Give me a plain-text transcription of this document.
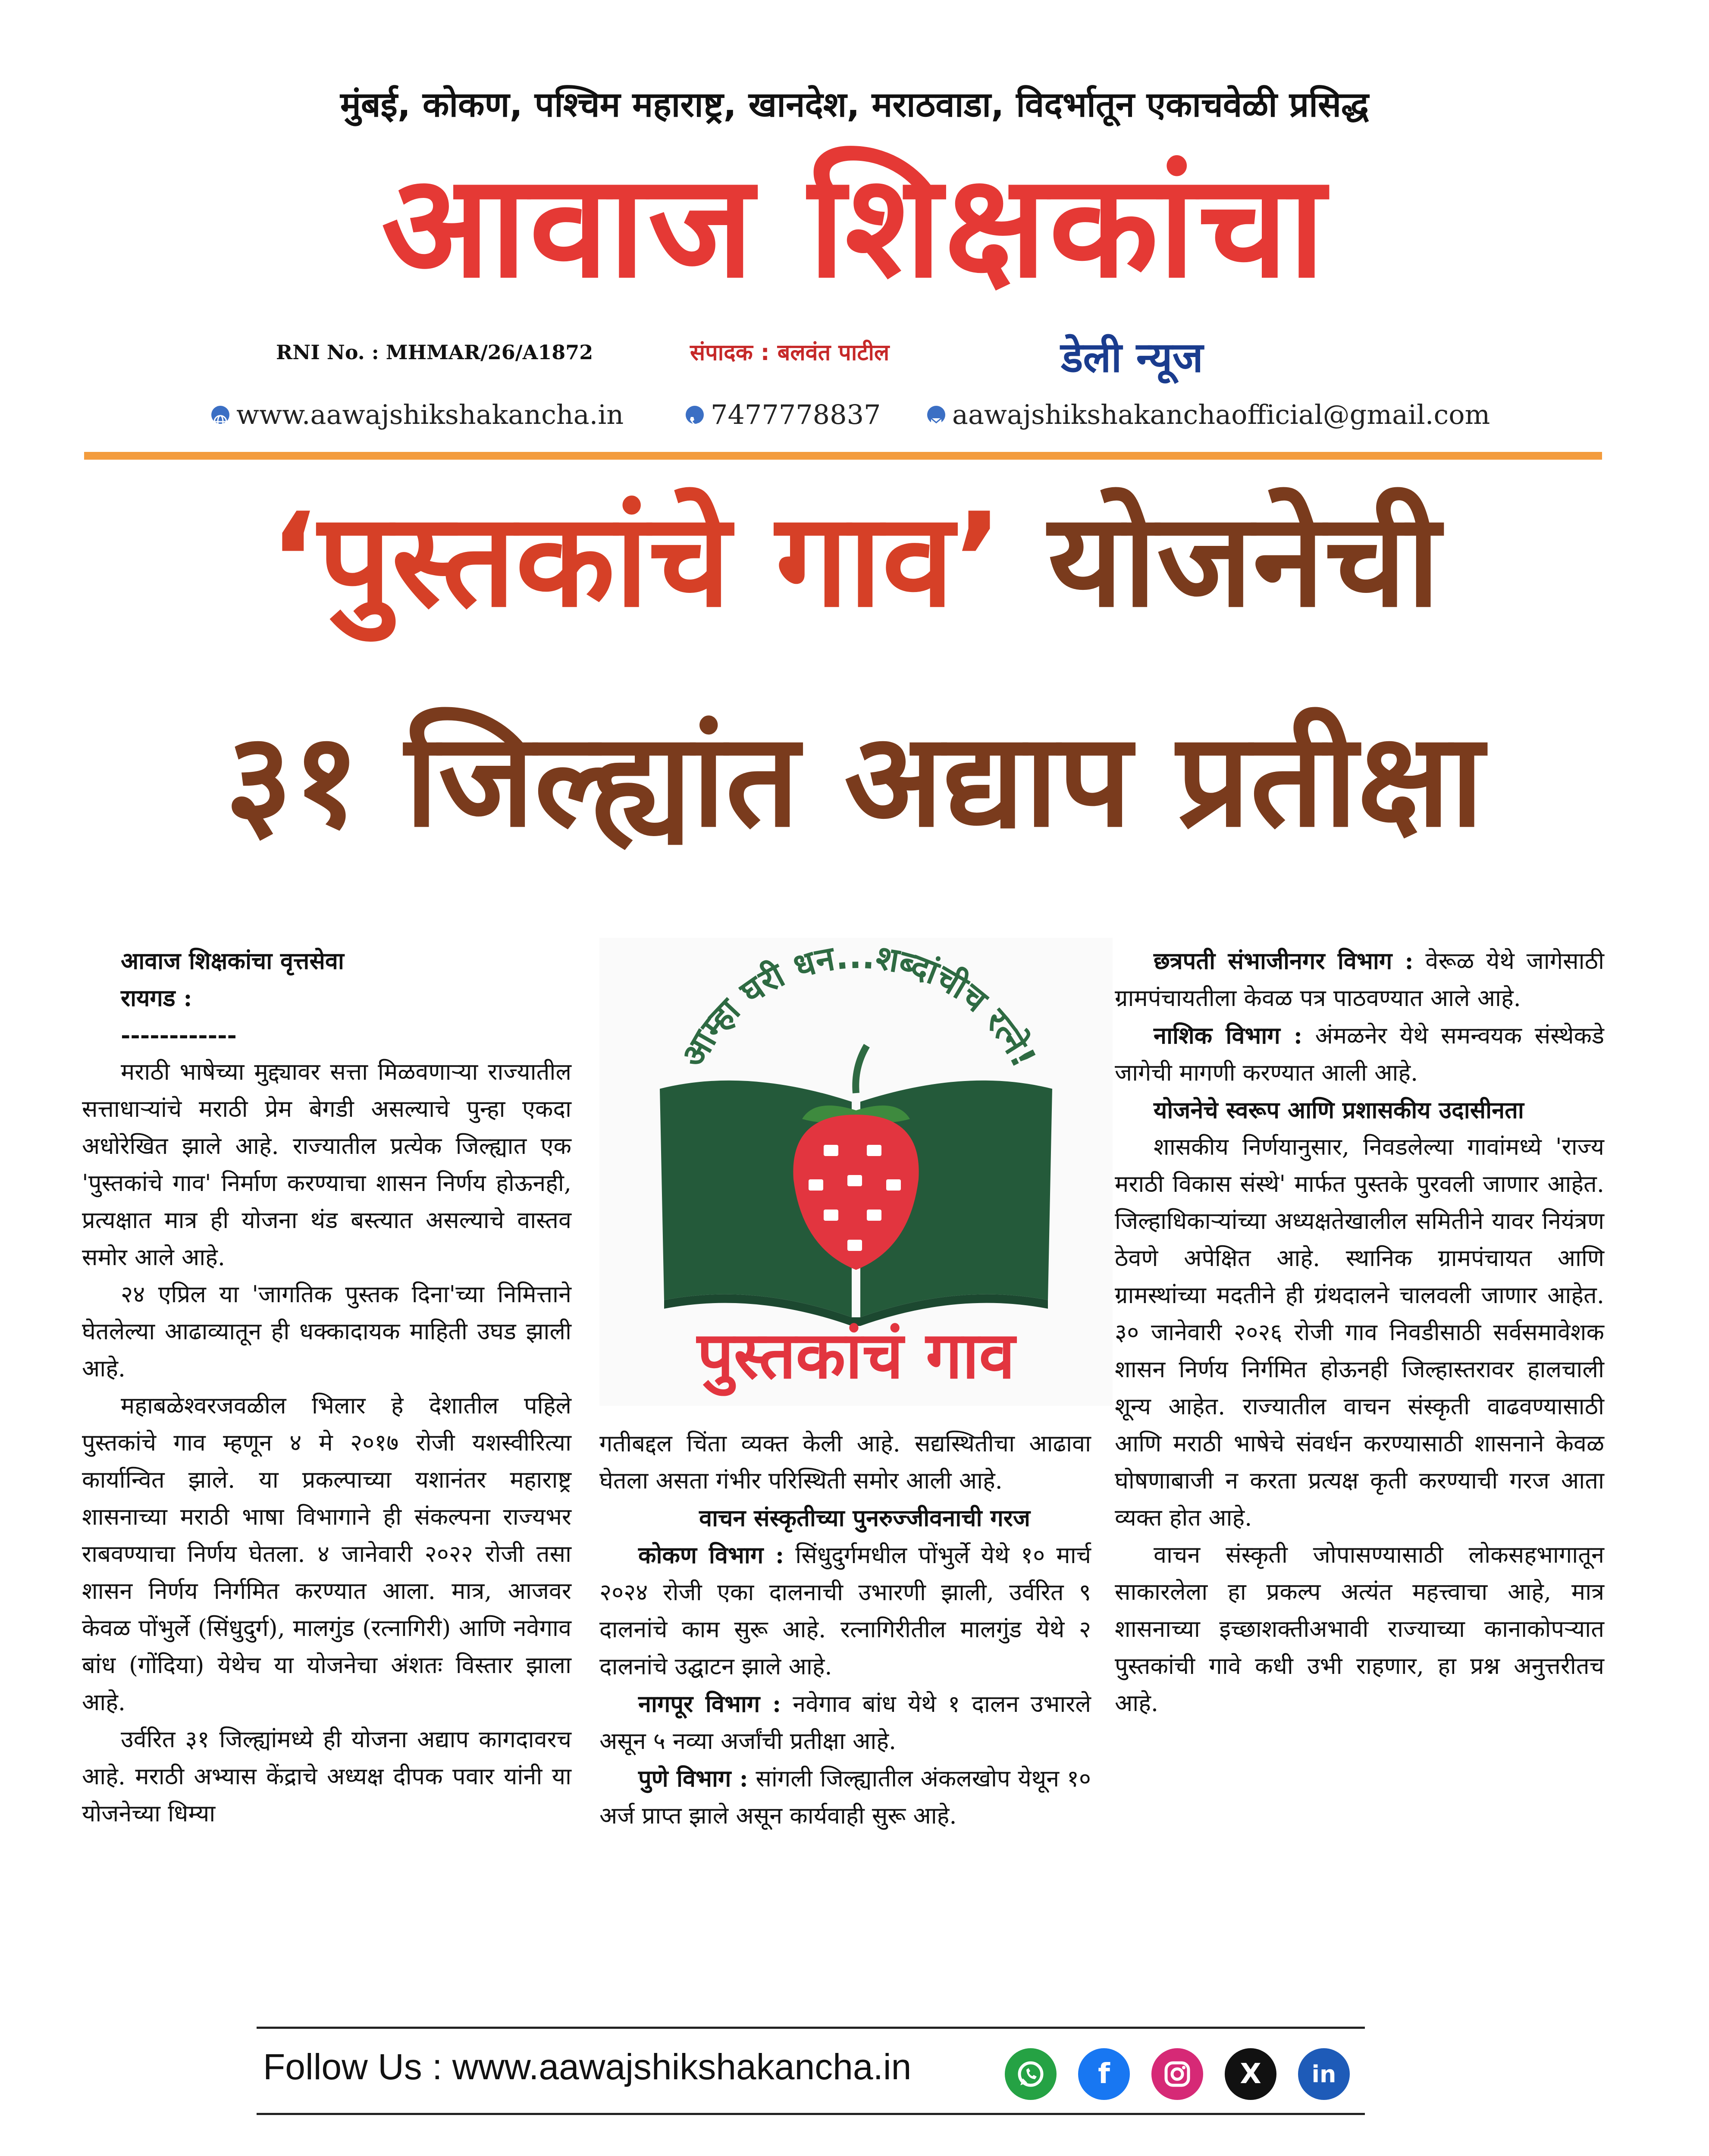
मुंबई, कोकण, पश्चिम महाराष्ट्र, खानदेश, मराठवाडा, विदर्भातून एकाचवेळी प्रसिद्ध
आवाज शिक्षकांचा
RNI No. : MHMAR/26/A1872	संपादक : बलवंत पाटील	डेली न्यूज
www.aawajshikshakancha.in	7477778837	aawajshikshakanchaofficial@gmail.com
‘पुस्तकांचे गाव’ योजनेची
३१ जिल्ह्यांत अद्याप प्रतीक्षा

आवाज शिक्षकांचा वृत्तसेवा

रायगड :

------------

मराठी भाषेच्या मुद्द्यावर सत्ता मिळवणाऱ्या राज्यातील सत्ताधाऱ्यांचे मराठी प्रेम बेगडी असल्याचे पुन्हा एकदा अधोरेखित झाले आहे. राज्यातील प्रत्येक जिल्ह्यात एक 'पुस्तकांचे गाव' निर्माण करण्याचा शासन निर्णय होऊनही, प्रत्यक्षात मात्र ही योजना थंड बस्त्यात असल्याचे वास्तव समोर आले आहे.

२४ एप्रिल या 'जागतिक पुस्तक दिना'च्या निमित्ताने घेतलेल्या आढाव्यातून ही धक्कादायक माहिती उघड झाली आहे.

महाबळेश्वरजवळील भिलार हे देशातील पहिले पुस्तकांचे गाव म्हणून ४ मे २०१७ रोजी यशस्वीरित्या कार्यान्वित झाले. या प्रकल्पाच्या यशानंतर महाराष्ट्र शासनाच्या मराठी भाषा विभागाने ही संकल्पना राज्यभर राबवण्याचा निर्णय घेतला. ४ जानेवारी २०२२ रोजी तसा शासन निर्णय निर्गमित करण्यात आला. मात्र, आजवर केवळ पोंभुर्ले (सिंधुदुर्ग), मालगुंड (रत्नागिरी) आणि नवेगाव बांध (गोंदिया) येथेच या योजनेचा अंशतः विस्तार झाला आहे.

उर्वरित ३१ जिल्ह्यांमध्ये ही योजना अद्याप कागदावरच आहे. मराठी अभ्यास केंद्राचे अध्यक्ष दीपक पवार यांनी या योजनेच्या धिम्या

आम्हा घरी धन...शब्दांचीच रत्ने!
पुस्तकांचं गाव

गतीबद्दल चिंता व्यक्त केली आहे. सद्यस्थितीचा आढावा घेतला असता गंभीर परिस्थिती समोर आली आहे.

वाचन संस्कृतीच्या पुनरुज्जीवनाची गरज

कोकण विभाग : सिंधुदुर्गमधील पोंभुर्ले येथे १० मार्च २०२४ रोजी एका दालनाची उभारणी झाली, उर्वरित ९ दालनांचे काम सुरू आहे. रत्नागिरीतील मालगुंड येथे २ दालनांचे उद्घाटन झाले आहे.

नागपूर विभाग : नवेगाव बांध येथे १ दालन उभारले असून ५ नव्या अर्जांची प्रतीक्षा आहे.

पुणे विभाग : सांगली जिल्ह्यातील अंकलखोप येथून १० अर्ज प्राप्त झाले असून कार्यवाही सुरू आहे.

छत्रपती संभाजीनगर विभाग : वेरूळ येथे जागेसाठी ग्रामपंचायतीला केवळ पत्र पाठवण्यात आले आहे.

नाशिक विभाग : अंमळनेर येथे समन्वयक संस्थेकडे जागेची मागणी करण्यात आली आहे.

योजनेचे स्वरूप आणि प्रशासकीय उदासीनता

शासकीय निर्णयानुसार, निवडलेल्या गावांमध्ये 'राज्य मराठी विकास संस्थे' मार्फत पुस्तके पुरवली जाणार आहेत. जिल्हाधिकाऱ्यांच्या अध्यक्षतेखालील समितीने यावर नियंत्रण ठेवणे अपेक्षित आहे. स्थानिक ग्रामपंचायत आणि ग्रामस्थांच्या मदतीने ही ग्रंथदालने चालवली जाणार आहेत. ३० जानेवारी २०२६ रोजी गाव निवडीसाठी सर्वसमावेशक शासन निर्णय निर्गमित होऊनही जिल्हास्तरावर हालचाली शून्य आहेत. राज्यातील वाचन संस्कृती वाढवण्यासाठी आणि मराठी भाषेचे संवर्धन करण्यासाठी शासनाने केवळ घोषणाबाजी न करता प्रत्यक्ष कृती करण्याची गरज आता व्यक्त होत आहे.

वाचन संस्कृती जोपासण्यासाठी लोकसहभागातून साकारलेला हा प्रकल्प अत्यंत महत्त्वाचा आहे, मात्र शासनाच्या इच्छाशक्तीअभावी राज्याच्या कानाकोपऱ्यात पुस्तकांची गावे कधी उभी राहणार, हा प्रश्न अनुत्तरीतच आहे.

Follow Us : www.aawajshikshakancha.in	f	X in
